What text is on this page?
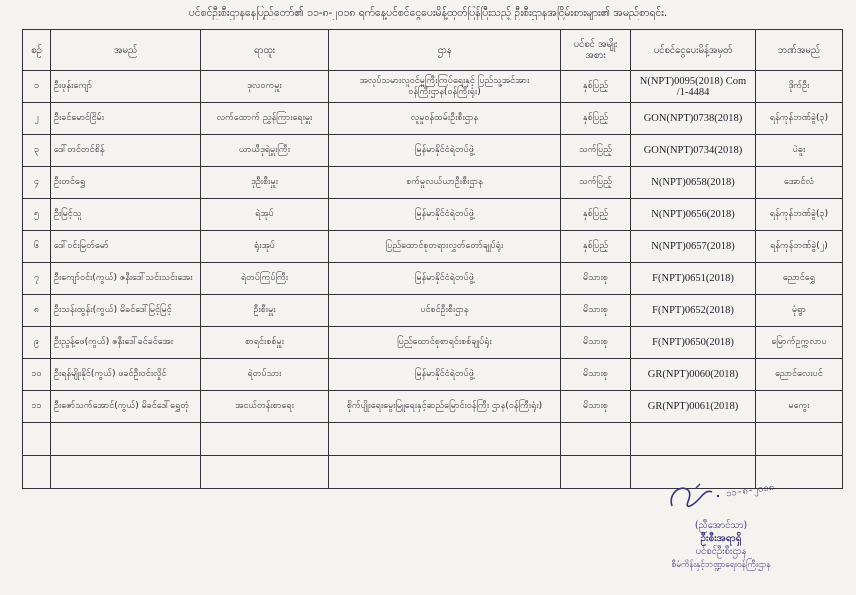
ပင်စင်ဦးစီးဌာနနေပြည်တော်၏ ၁၁-၈-၂၀၁၈ ရက်နေ့ပင်စင်ငွေပေးမိန့်ထုတ်ပြန်ပြီးသည့် ဦးစီးဌာနအငြိမ်းစားများ၏ အမည်စာရင်း.
စဉ်	အမည်	ရာထူး	ဌာန	ပင်စင် အမျိုးအစား	ပင်စင်ငွေပေးမိန့်အမှတ်	ဘဏ်အမည်
၁	ဦးဖုန်းကျော်	ဒုလဝကမှူး	အလုပ်သမားလူဝင်မှုကြီးကြပ်ရေးနှင့် ပြည်သူ့အင်အားဝန်ကြီးဌာန(ဝန်ကြီးရုံး)	နှစ်ပြည့်	N(NPT)0095(2018) Com /1-4484	ဒိုက်ဦး
၂	ဦးခင်မောင်ငြိမ်း	လက်ထောက် ညွှန်ကြားရေးမှူး	လူမှုဝန်ထမ်းဦးစီးဌာန	နှစ်ပြည့်	GON(NPT)0738(2018)	ရန်ကုန်ဘဏ်ခွဲ(၃)
၃	ဒေါ်တင်တင်စိန်	ယာယီဒုရဲမှူးကြီး	မြန်မာနိုင်ငံရဲတပ်ဖွဲ့	သက်ပြည့်	GON(NPT)0734(2018)	ပဲခူး
၄	ဦးတင်ရွှေ	ဒုဦးစီးမှူး	စက်မှုလယ်ယာဦးစီးဌာန	သက်ပြည့်	N(NPT)0658(2018)	အောင်လံ
၅	ဦးမြင့်သူ	ရဲအုပ်	မြန်မာနိုင်ငံရဲတပ်ဖွဲ့	နှစ်ပြည့်	N(NPT)0656(2018)	ရန်ကုန်ဘဏ်ခွဲ(၃)
၆	ဒေါ်ဝင်းမြတ်မော်	ရုံးအုပ်	ပြည်ထောင်စုတရားလွှတ်တော်ချုပ်ရုံး	နှစ်ပြည့်	N(NPT)0657(2018)	ရန်ကုန်ဘဏ်ခွဲ(၂)
၇	ဦးကျော်ဝင်း(ကွယ်) ဇနီးဒေါ်သင်းသင်းအေး	ရဲတပ်ကြပ်ကြီး	မြန်မာနိုင်ငံရဲတပ်ဖွဲ့	မိသားစု	F(NPT)0651(2018)	ညောင်ရွှေ
၈	ဦးသန်းထွန်း(ကွယ်) မိခင်ဒေါ်မြင့်မြင့်	ဦးစီးမှူး	ပင်စင်ဦးစီးဌာန	မိသားစု	F(NPT)0652(2018)	မုံရွာ
၉	ဦးညွန့်ဖေ(ကွယ်) ဇနီးဒေါ်ခင်ခင်အေး	စာရင်းစစ်မှူး	ပြည်ထောင်စုစာရင်းစစ်ချုပ်ရုံး	မိသားစု	F(NPT)0650(2018)	မြောက်ဥက္ကလာပ
၁၀	ဦးရန်မျိုးနိုင်(ကွယ်) ဖခင်ဦးဝင်းလှိုင်	ရဲတပ်သား	မြန်မာနိုင်ငံရဲတပ်ဖွဲ့	မိသားစု	GR(NPT)0060(2018)	ညောင်လေးပင်
၁၁	ဦးဇော်သက်အောင်(ကွယ်) မိခင်ဒေါ်ရွှေတုံ	အငယ်တန်းစာရေး	စိုက်ပျိုးရေးမွေးမြူရေးနှင့်ဆည်မြောင်းဝန်ကြီး ဌာန(ဝန်ကြီးရုံး)	မိသားစု	GR(NPT)0061(2018)	မကွေး

၁၁-၈-၂၀၁၈
(ညီအောင်သာ)
ဦးစီးအရာရှိ
ပင်စင်ဦးစီးဌာန
စီမံကိန်းနှင့်ဘဏ္ဍာရေးဝန်ကြီးဌာန
